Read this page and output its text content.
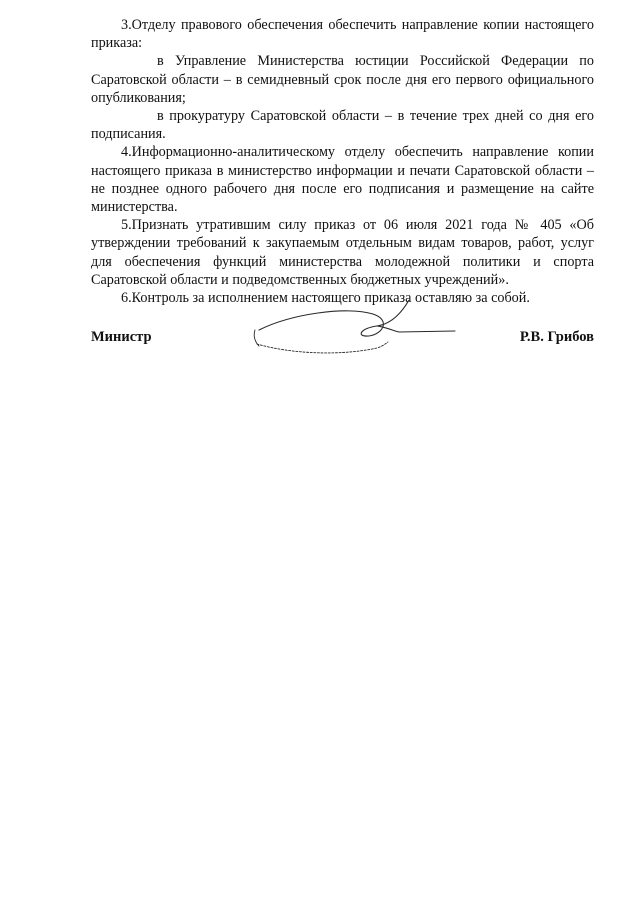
3.Отделу правового обеспечения обеспечить направление копии настоящего приказа:

в Управление Министерства юстиции Российской Федерации по Саратовской области – в семидневный срок после дня его первого официального опубликования;

в прокуратуру Саратовской области – в течение трех дней со дня его подписания.

4.Информационно-аналитическому отделу обеспечить направление копии настоящего приказа в министерство информации и печати Саратовской области – не позднее одного рабочего дня после его подписания и размещение на сайте министерства.

5.Признать утратившим силу приказ от 06 июля 2021 года № 405 «Об утверждении требований к закупаемым отдельным видам товаров, работ, услуг для обеспечения функций министерства молодежной политики и спорта Саратовской области и подведомственных бюджетных учреждений».

6.Контроль за исполнением настоящего приказа оставляю за собой.

Министр	Р.В. Грибов
